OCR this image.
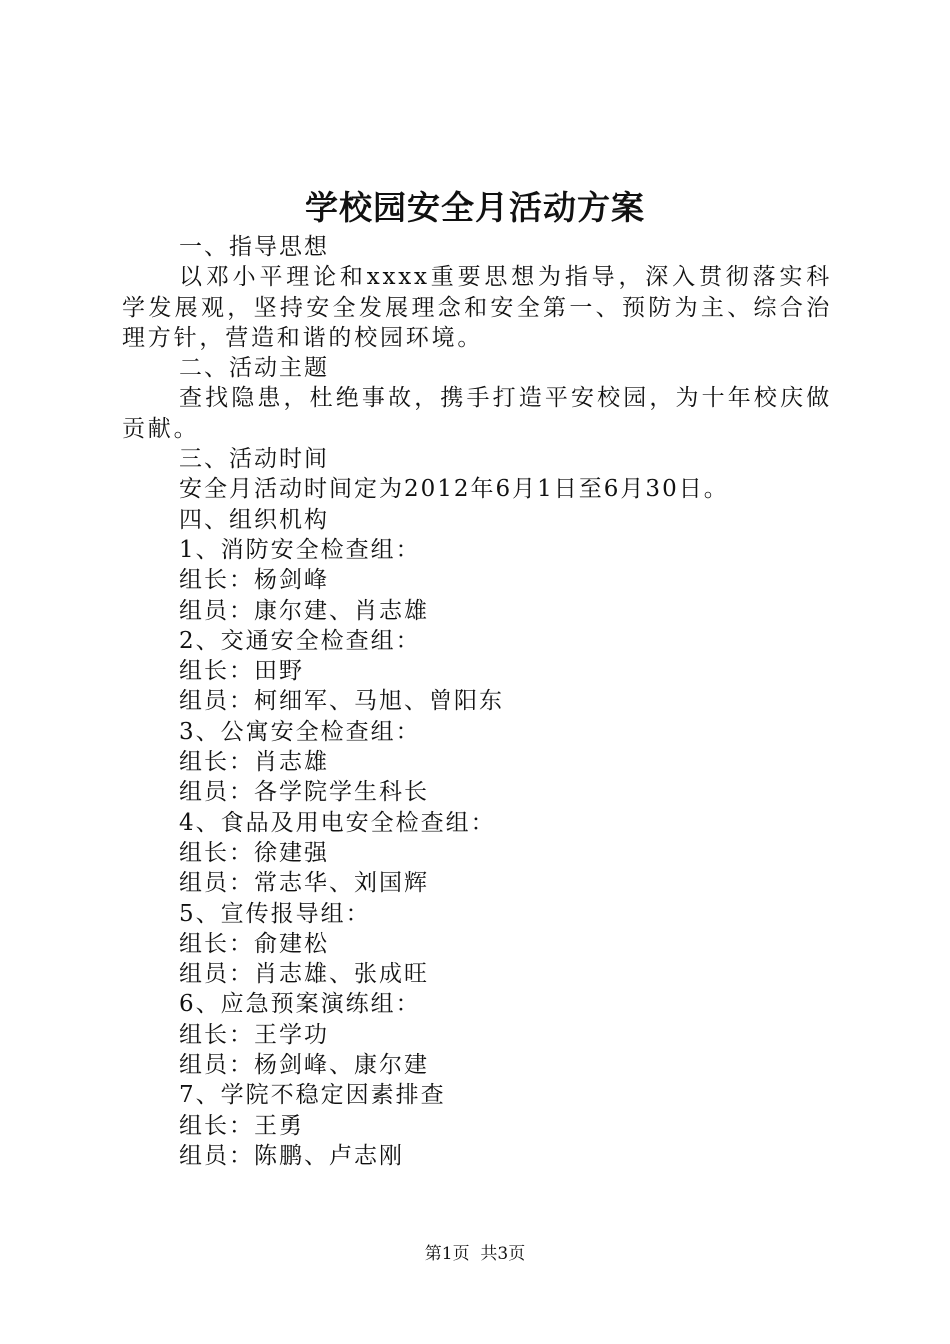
学校园安全月活动方案
一、指导思想
以邓小平理论和xxxx重要思想为指导，深入贯彻落实科学发展观，坚持安全发展理念和安全第一、预防为主、综合治理方针，营造和谐的校园环境。
二、活动主题
查找隐患，杜绝事故，携手打造平安校园，为十年校庆做贡献。
三、活动时间
安全月活动时间定为2012年6月1日至6月30日。
四、组织机构
1、消防安全检查组：
组长：杨剑峰
组员：康尔建、肖志雄
2、交通安全检查组：
组长：田野
组员：柯细军、马旭、曾阳东
3、公寓安全检查组：
组长：肖志雄
组员：各学院学生科长
4、食品及用电安全检查组：
组长：徐建强
组员：常志华、刘国辉
5、宣传报导组：
组长：俞建松
组员：肖志雄、张成旺
6、应急预案演练组：
组长：王学功
组员：杨剑峰、康尔建
7、学院不稳定因素排查
组长：王勇
组员：陈鹏、卢志刚
第1页 共3页
